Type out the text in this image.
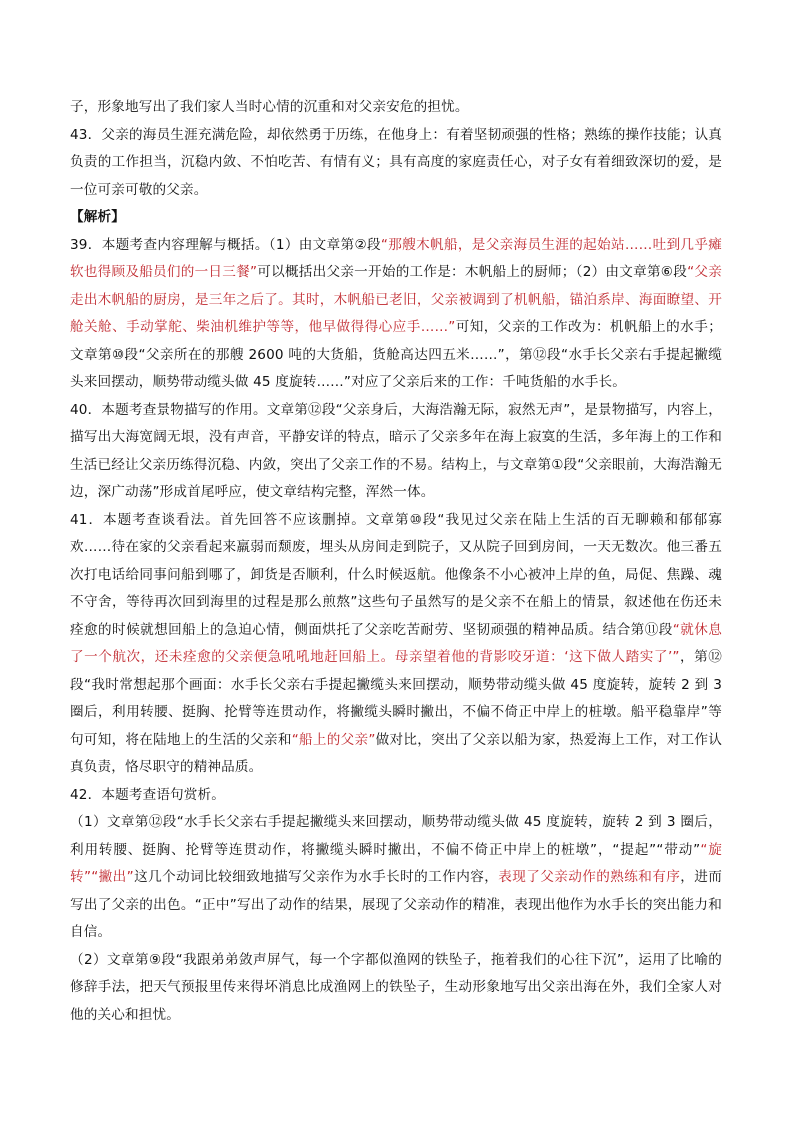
子，形象地写出了我们家人当时心情的沉重和对父亲安危的担忧。

43．父亲的海员生涯充满危险，却依然勇于历练，在他身上：有着坚韧顽强的性格；熟练的操作技能；认真负责的工作担当，沉稳内敛、不怕吃苦、有情有义；具有高度的家庭责任心，对子女有着细致深切的爱，是一位可亲可敬的父亲。

【解析】

39．本题考查内容理解与概括。（1）由文章第②段“那艘木帆船，是父亲海员生涯的起始站……吐到几乎瘫软也得顾及船员们的一日三餐”可以概括出父亲一开始的工作是：木帆船上的厨师；（2）由文章第⑥段“父亲走出木帆船的厨房，是三年之后了。其时，木帆船已老旧，父亲被调到了机帆船，锚泊系岸、海面瞭望、开舱关舱、手动掌舵、柴油机维护等等，他早做得得心应手……”可知，父亲的工作改为：机帆船上的水手；文章第⑩段“父亲所在的那艘 2600 吨的大货船，货舱高达四五米……”，第⑫段“水手长父亲右手提起撇缆头来回摆动，顺势带动缆头做 45 度旋转……”对应了父亲后来的工作：千吨货船的水手长。

40．本题考查景物描写的作用。文章第⑫段“父亲身后，大海浩瀚无际，寂然无声”，是景物描写，内容上，描写出大海宽阔无垠，没有声音，平静安详的特点，暗示了父亲多年在海上寂寞的生活，多年海上的工作和生活已经让父亲历练得沉稳、内敛，突出了父亲工作的不易。结构上，与文章第①段“父亲眼前，大海浩瀚无边，深广动荡”形成首尾呼应，使文章结构完整，浑然一体。

41．本题考查谈看法。首先回答不应该删掉。文章第⑩段“我见过父亲在陆上生活的百无聊赖和郁郁寡欢……待在家的父亲看起来羸弱而颓废，埋头从房间走到院子，又从院子回到房间，一天无数次。他三番五次打电话给同事问船到哪了，卸货是否顺利，什么时候返航。他像条不小心被冲上岸的鱼，局促、焦躁、魂不守舍，等待再次回到海里的过程是那么煎熬”这些句子虽然写的是父亲不在船上的情景，叙述他在伤还未痊愈的时候就想回船上的急迫心情，侧面烘托了父亲吃苦耐劳、坚韧顽强的精神品质。结合第⑪段“就休息了一个航次，还未痊愈的父亲便急吼吼地赶回船上。母亲望着他的背影咬牙道：‘这下做人踏实了’”，第⑫段“我时常想起那个画面：水手长父亲右手提起撇缆头来回摆动，顺势带动缆头做 45 度旋转，旋转 2 到 3 圈后，利用转腰、挺胸、抡臂等连贯动作，将撇缆头瞬时撇出，不偏不倚正中岸上的桩墩。船平稳靠岸”等句可知，将在陆地上的生活的父亲和“船上的父亲”做对比，突出了父亲以船为家，热爱海上工作，对工作认真负责，恪尽职守的精神品质。

42．本题考查语句赏析。

（1）文章第⑫段“水手长父亲右手提起撇缆头来回摆动，顺势带动缆头做 45 度旋转，旋转 2 到 3 圈后，利用转腰、挺胸、抡臂等连贯动作，将撇缆头瞬时撇出，不偏不倚正中岸上的桩墩”，“提起”“带动”“旋转”“撇出”这几个动词比较细致地描写父亲作为水手长时的工作内容，表现了父亲动作的熟练和有序，进而写出了父亲的出色。“正中”写出了动作的结果，展现了父亲动作的精准，表现出他作为水手长的突出能力和自信。

（2）文章第⑨段“我跟弟弟敛声屏气，每一个字都似渔网的铁坠子，拖着我们的心往下沉”，运用了比喻的修辞手法，把天气预报里传来得坏消息比成渔网上的铁坠子，生动形象地写出父亲出海在外，我们全家人对他的关心和担忧。
